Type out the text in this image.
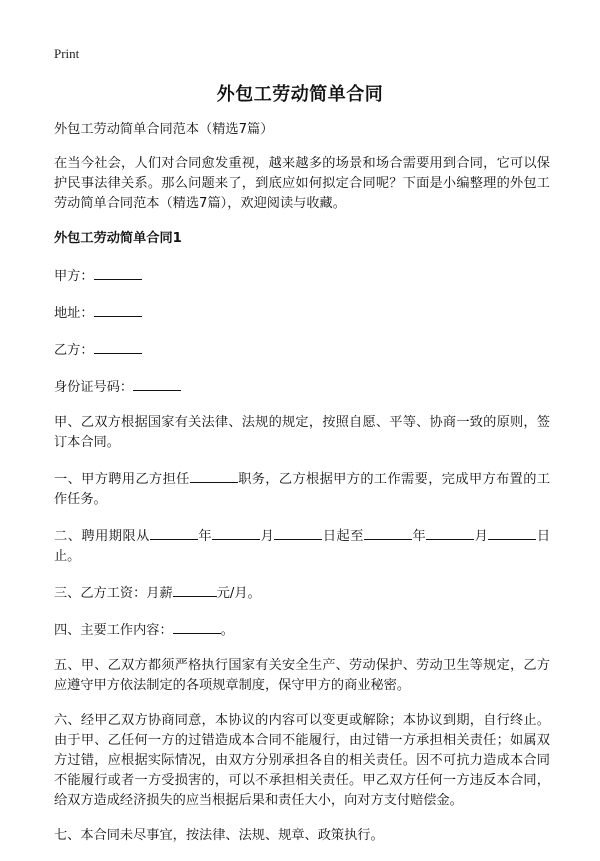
Print
外包工劳动简单合同

外包工劳动简单合同范本（精选7篇）

在当今社会，人们对合同愈发重视，越来越多的场景和场合需要用到合同，它可以保护民事法律关系。那么问题来了，到底应如何拟定合同呢？下面是小编整理的外包工劳动简单合同范本（精选7篇），欢迎阅读与收藏。

外包工劳动简单合同1

甲方：

地址：

乙方：

身份证号码：

甲、乙双方根据国家有关法律、法规的规定，按照自愿、平等、协商一致的原则，签订本合同。

一、甲方聘用乙方担任	职务，乙方根据甲方的工作需要，完成甲方布置的工作任务。

二、聘用期限从	年	月	日起至	年	月	日止。

三、乙方工资：月薪	元/月。

四、主要工作内容：	。

五、甲、乙双方都须严格执行国家有关安全生产、劳动保护、劳动卫生等规定，乙方应遵守甲方依法制定的各项规章制度，保守甲方的商业秘密。

六、经甲乙双方协商同意，本协议的内容可以变更或解除；本协议到期，自行终止。由于甲、乙任何一方的过错造成本合同不能履行，由过错一方承担相关责任；如属双方过错，应根据实际情况，由双方分别承担各自的相关责任。因不可抗力造成本合同不能履行或者一方受损害的，可以不承担相关责任。甲乙双方任何一方违反本合同，给双方造成经济损失的应当根据后果和责任大小，向对方支付赔偿金。

七、本合同未尽事宜，按法律、法规、规章、政策执行。
